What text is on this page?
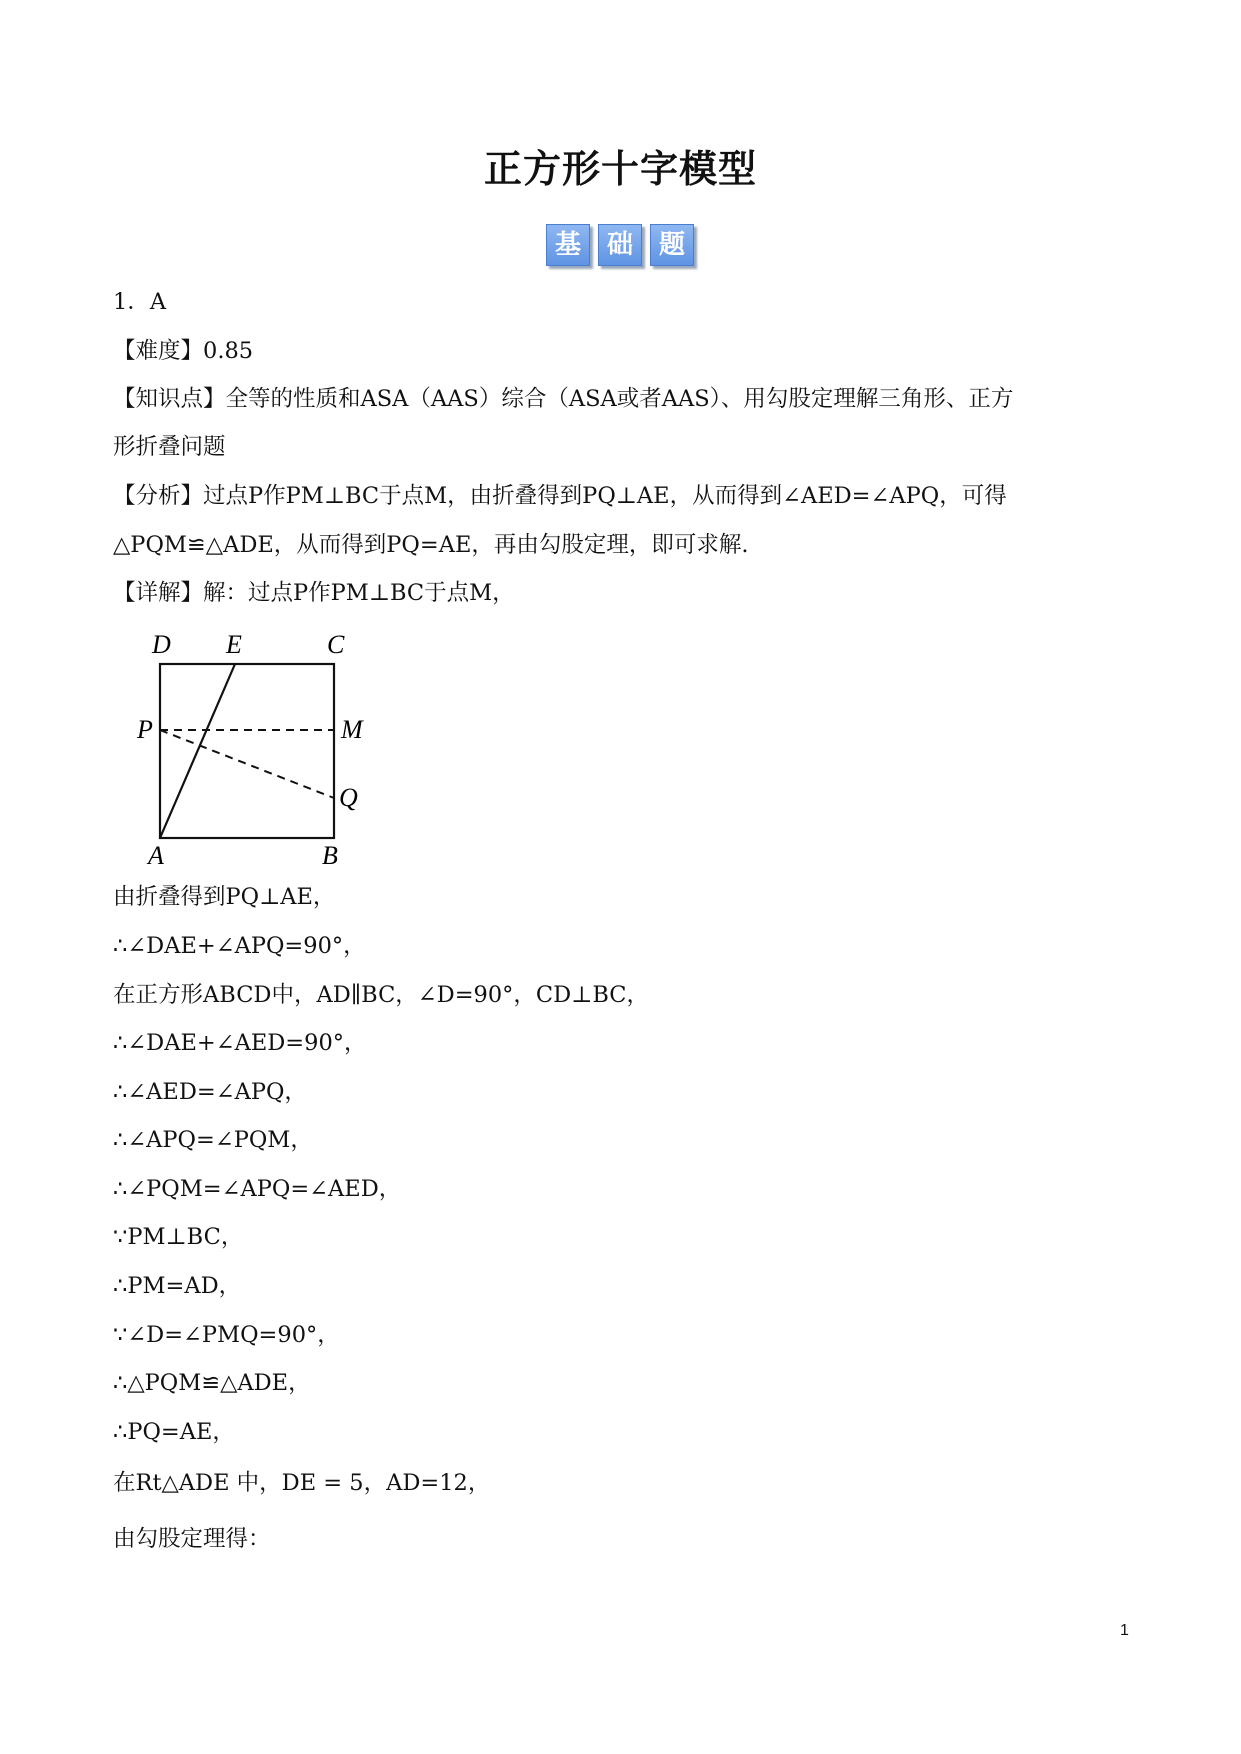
正方形十字模型
基 础 题
1．A
【难度】0.85
【知识点】全等的性质和ASA（AAS）综合（ASA或者AAS）、用勾股定理解三角形、正方
形折叠问题
【分析】过点P作PM⊥BC于点M，由折叠得到PQ⊥AE，从而得到∠AED=∠APQ，可得
△PQM≌△ADE，从而得到PQ=AE，再由勾股定理，即可求解.
【详解】解：过点P作PM⊥BC于点M，
D E	C
P	M
Q
A	B
由折叠得到PQ⊥AE，
∴∠DAE+∠APQ=90°，
在正方形ABCD中，AD∥BC，∠D=90°，CD⊥BC，
∴∠DAE+∠AED=90°，
∴∠AED=∠APQ，
∴∠APQ=∠PQM，
∴∠PQM=∠APQ=∠AED，
∵PM⊥BC，
∴PM=AD，
∵∠D=∠PMQ=90°，
∴△PQM≌△ADE，
∴PQ=AE，
在Rt△ADE 中，DE = 5，AD=12，
由勾股定理得：
1
